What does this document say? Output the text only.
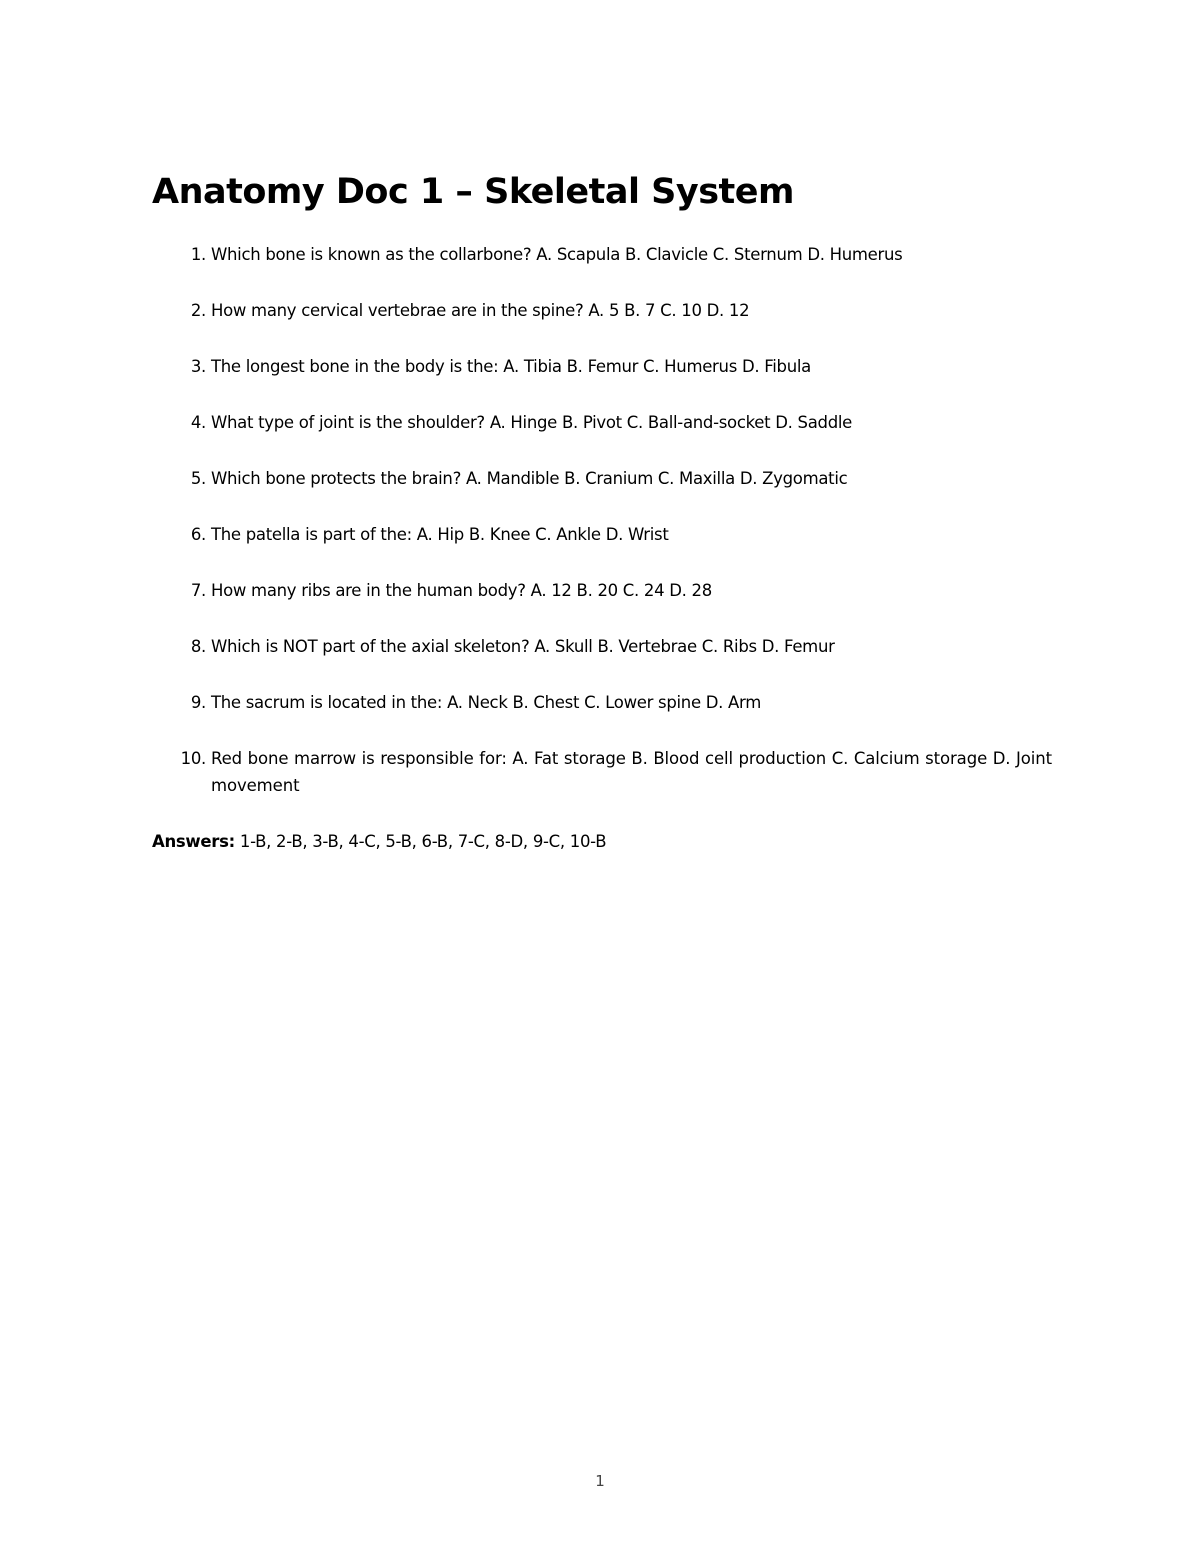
Anatomy Doc 1 – Skeletal System
1. Which bone is known as the collarbone? A. Scapula B. Clavicle C. Sternum D. Humerus
2. How many cervical vertebrae are in the spine? A. 5 B. 7 C. 10 D. 12
3. The longest bone in the body is the: A. Tibia B. Femur C. Humerus D. Fibula
4. What type of joint is the shoulder? A. Hinge B. Pivot C. Ball-and-socket D. Saddle
5. Which bone protects the brain? A. Mandible B. Cranium C. Maxilla D. Zygomatic
6. The patella is part of the: A. Hip B. Knee C. Ankle D. Wrist
7. How many ribs are in the human body? A. 12 B. 20 C. 24 D. 28
8. Which is NOT part of the axial skeleton? A. Skull B. Vertebrae C. Ribs D. Femur
9. The sacrum is located in the: A. Neck B. Chest C. Lower spine D. Arm
10. Red bone marrow is responsible for: A. Fat storage B. Blood cell production C. Calcium storage D. Joint movement

Answers: 1-B, 2-B, 3-B, 4-C, 5-B, 6-B, 7-C, 8-D, 9-C, 10-B

1
